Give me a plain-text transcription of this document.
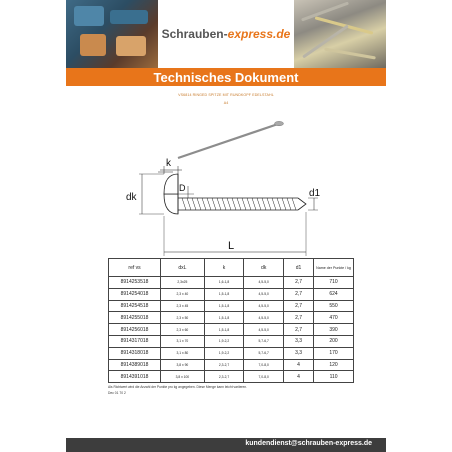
Schrauben-express.de
Technisches Dokument
VS6814 RINGED SPITZE MIT RUNDKOPF EDELSTAHL
A4
k
D
dk	d1
L
ref vs	dxL	k	dk	d1	Name der Punkte / kg
8914253518	2,3x25	1,6-1,8	4,5-5,0	2,7	710
8914254018	2,3 x 40	1,5-1,8	4,5-5,0	2,7	624
8914254518	2,3 x 45	1,5-1,8	4,5-5,0	2,7	550
8914255018	2,3 x 50	1,5-1,8	4,5-5,0	2,7	470
8914256018	2,3 x 60	1,5-1,8	4,5-5,0	2,7	390
8914317018	3,1 x 70	1,9-2,2	5,7-6,7	3,3	200
8914318018	3,1 x 80	1,9-2,2	5,7-6,7	3,3	170
8914389018	3,8 x 90	2,3-2,7	7,0-8,0	4	120
8914391018	3,8 x 100	2,3-2,7	7,0-8,0	4	110
Als Richtwert wird die Anzahl der Punkte pro kg angegeben. Diese Menge kann leicht variieren.
Dec 01 70 2
kundendienst@schrauben-express.de
